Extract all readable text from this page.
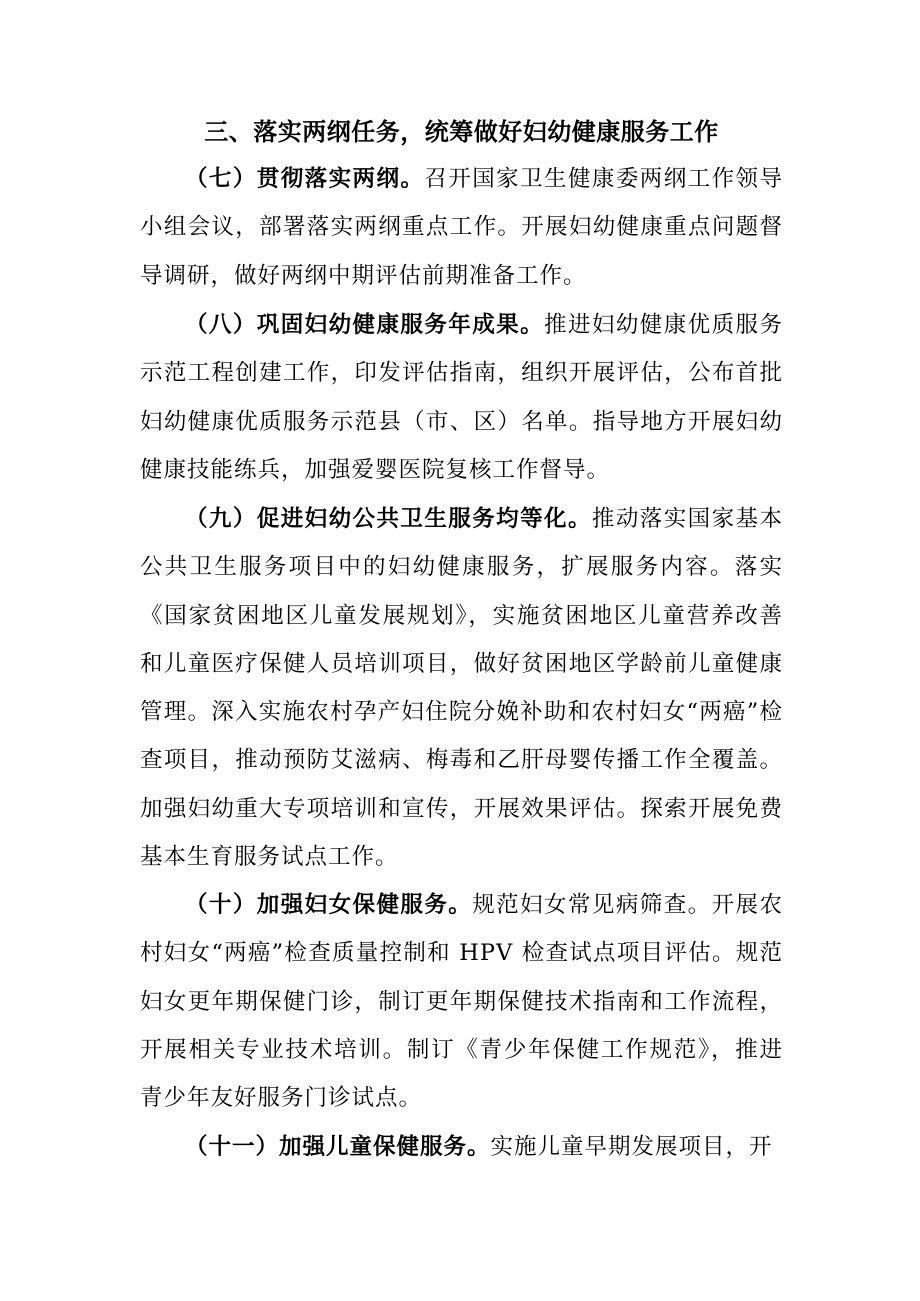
三、落实两纲任务，统筹做好妇幼健康服务工作

（七）贯彻落实两纲。召开国家卫生健康委两纲工作领导小组会议，部署落实两纲重点工作。开展妇幼健康重点问题督导调研，做好两纲中期评估前期准备工作。

（八）巩固妇幼健康服务年成果。推进妇幼健康优质服务示范工程创建工作，印发评估指南，组织开展评估，公布首批妇幼健康优质服务示范县（市、区）名单。指导地方开展妇幼健康技能练兵，加强爱婴医院复核工作督导。

（九）促进妇幼公共卫生服务均等化。推动落实国家基本公共卫生服务项目中的妇幼健康服务，扩展服务内容。落实《国家贫困地区儿童发展规划》，实施贫困地区儿童营养改善和儿童医疗保健人员培训项目，做好贫困地区学龄前儿童健康管理。深入实施农村孕产妇住院分娩补助和农村妇女“两癌”检查项目，推动预防艾滋病、梅毒和乙肝母婴传播工作全覆盖。加强妇幼重大专项培训和宣传，开展效果评估。探索开展免费基本生育服务试点工作。

（十）加强妇女保健服务。规范妇女常见病筛查。开展农村妇女“两癌”检查质量控制和 HPV 检查试点项目评估。规范妇女更年期保健门诊，制订更年期保健技术指南和工作流程，开展相关专业技术培训。制订《青少年保健工作规范》，推进青少年友好服务门诊试点。

（十一）加强儿童保健服务。实施儿童早期发展项目，开
